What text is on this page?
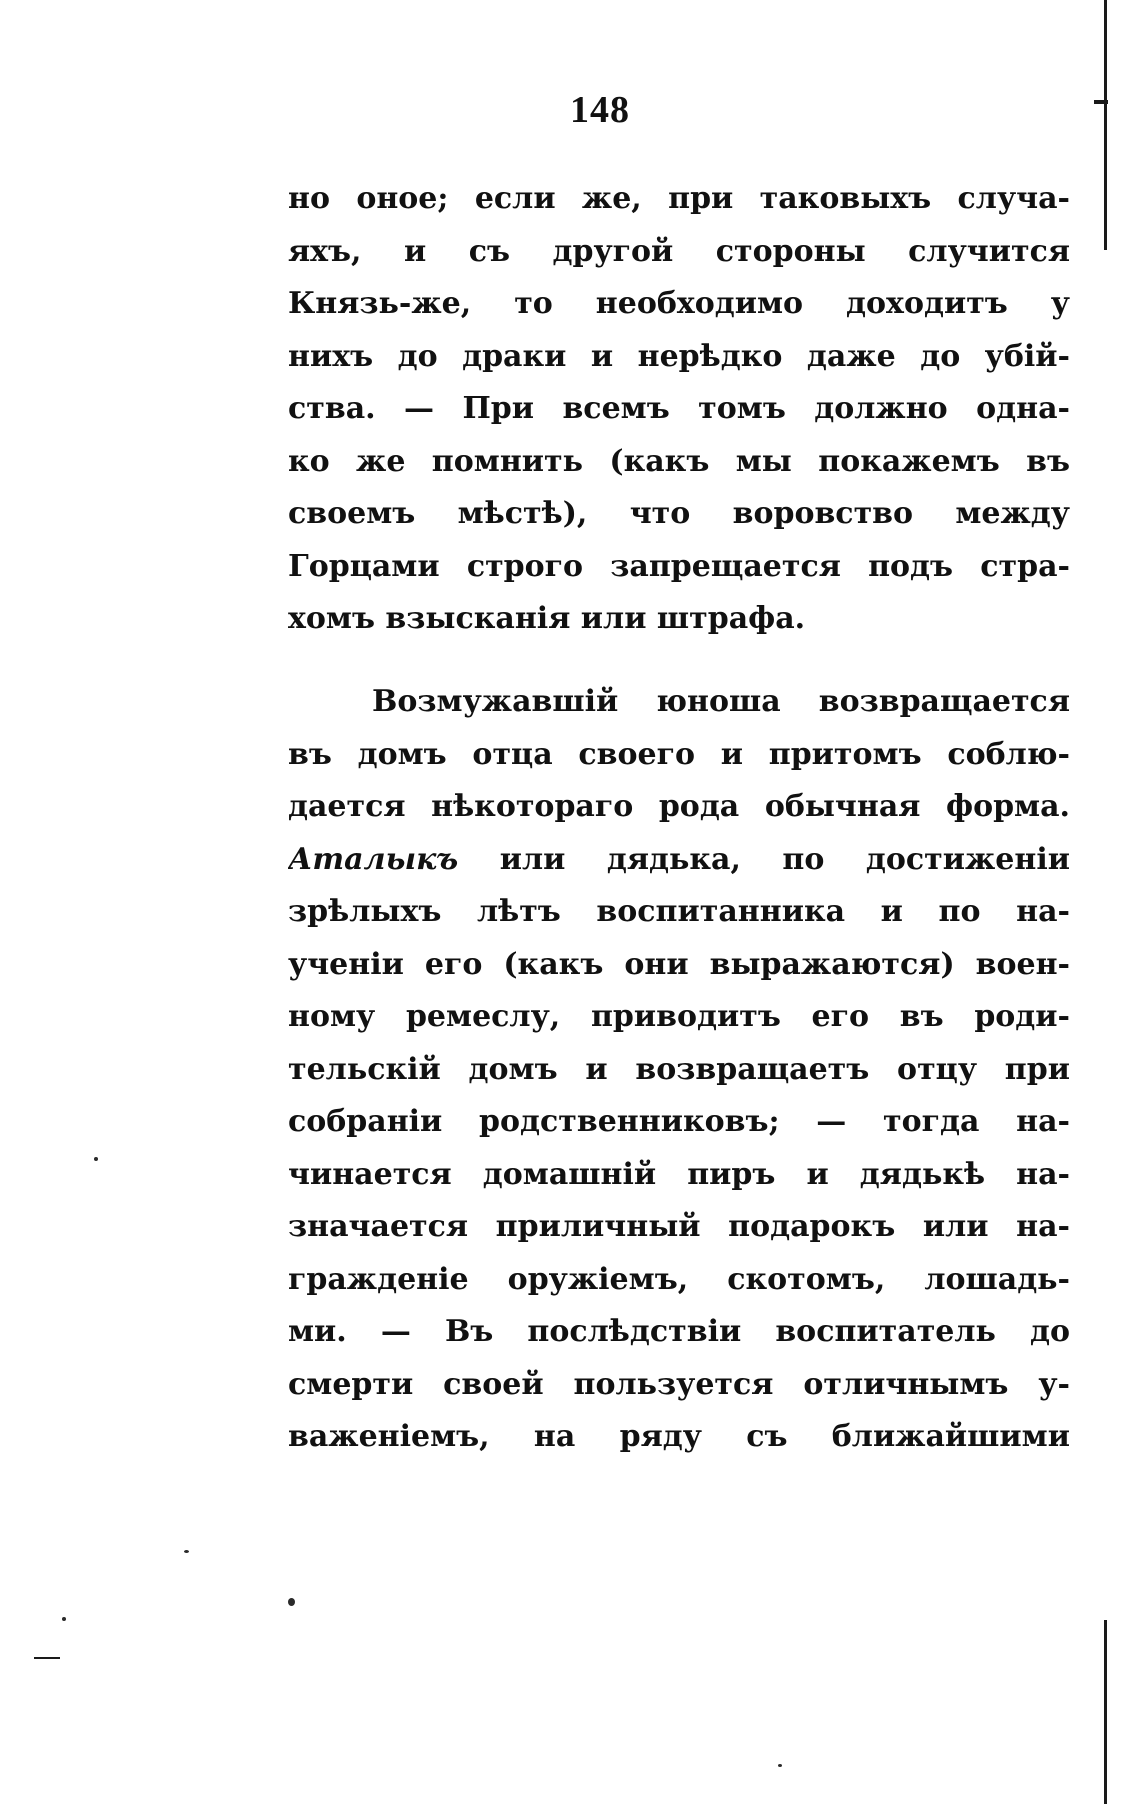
148
но оное; если же, при таковыхъ случа-
яхъ, и съ другой стороны случится
Князь-же, то необходимо доходитъ у
нихъ до драки и нерѣдко даже до убій-
ства. — При всемъ томъ должно одна-
ко же помнить (какъ мы покажемъ въ
своемъ мѣстѣ), что воровство между
Горцами строго запрещается подъ стра-
хомъ взысканія или штрафа.
Возмужавшій юноша возвращается
въ домъ отца своего и притомъ соблю-
дается нѣкотораго рода обычная форма.
Аталыкъ или дядька, по достиженіи
зрѣлыхъ лѣтъ воспитанника и по на-
ученіи его (какъ они выражаются) воен-
ному ремеслу, приводитъ его въ роди-
тельскій домъ и возвращаетъ отцу при
собраніи родственниковъ; — тогда на-
чинается домашній пиръ и дядькѣ на-
значается приличный подарокъ или на-
гражденіе оружіемъ, скотомъ, лошадь-
ми. — Въ послѣдствіи воспитатель до
смерти своей пользуется отличнымъ у-
важеніемъ, на ряду съ ближайшими
